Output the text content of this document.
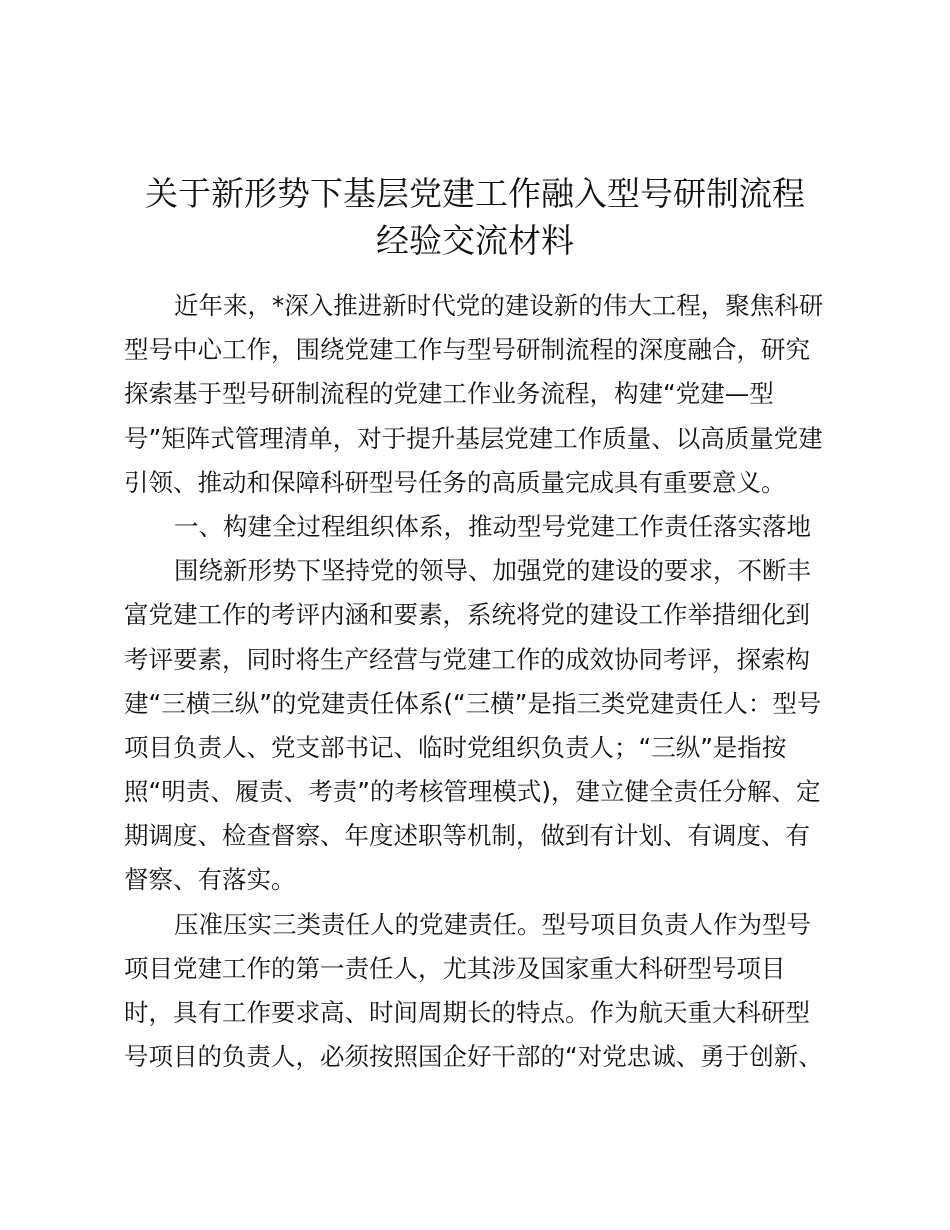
关于新形势下基层党建工作融入型号研制流程
经验交流材料
近年来，*深入推进新时代党的建设新的伟大工程，聚焦科研
型号中心工作，围绕党建工作与型号研制流程的深度融合，研究
探索基于型号研制流程的党建工作业务流程，构建“党建—型
号”矩阵式管理清单，对于提升基层党建工作质量、以高质量党建
引领、推动和保障科研型号任务的高质量完成具有重要意义。
一、构建全过程组织体系，推动型号党建工作责任落实落地
围绕新形势下坚持党的领导、加强党的建设的要求，不断丰
富党建工作的考评内涵和要素，系统将党的建设工作举措细化到
考评要素，同时将生产经营与党建工作的成效协同考评，探索构
建“三横三纵”的党建责任体系(“三横”是指三类党建责任人：型号
项目负责人、党支部书记、临时党组织负责人；“三纵”是指按
照“明责、履责、考责”的考核管理模式)，建立健全责任分解、定
期调度、检查督察、年度述职等机制，做到有计划、有调度、有
督察、有落实。
压准压实三类责任人的党建责任。型号项目负责人作为型号
项目党建工作的第一责任人，尤其涉及国家重大科研型号项目
时，具有工作要求高、时间周期长的特点。作为航天重大科研型
号项目的负责人，必须按照国企好干部的“对党忠诚、勇于创新、
